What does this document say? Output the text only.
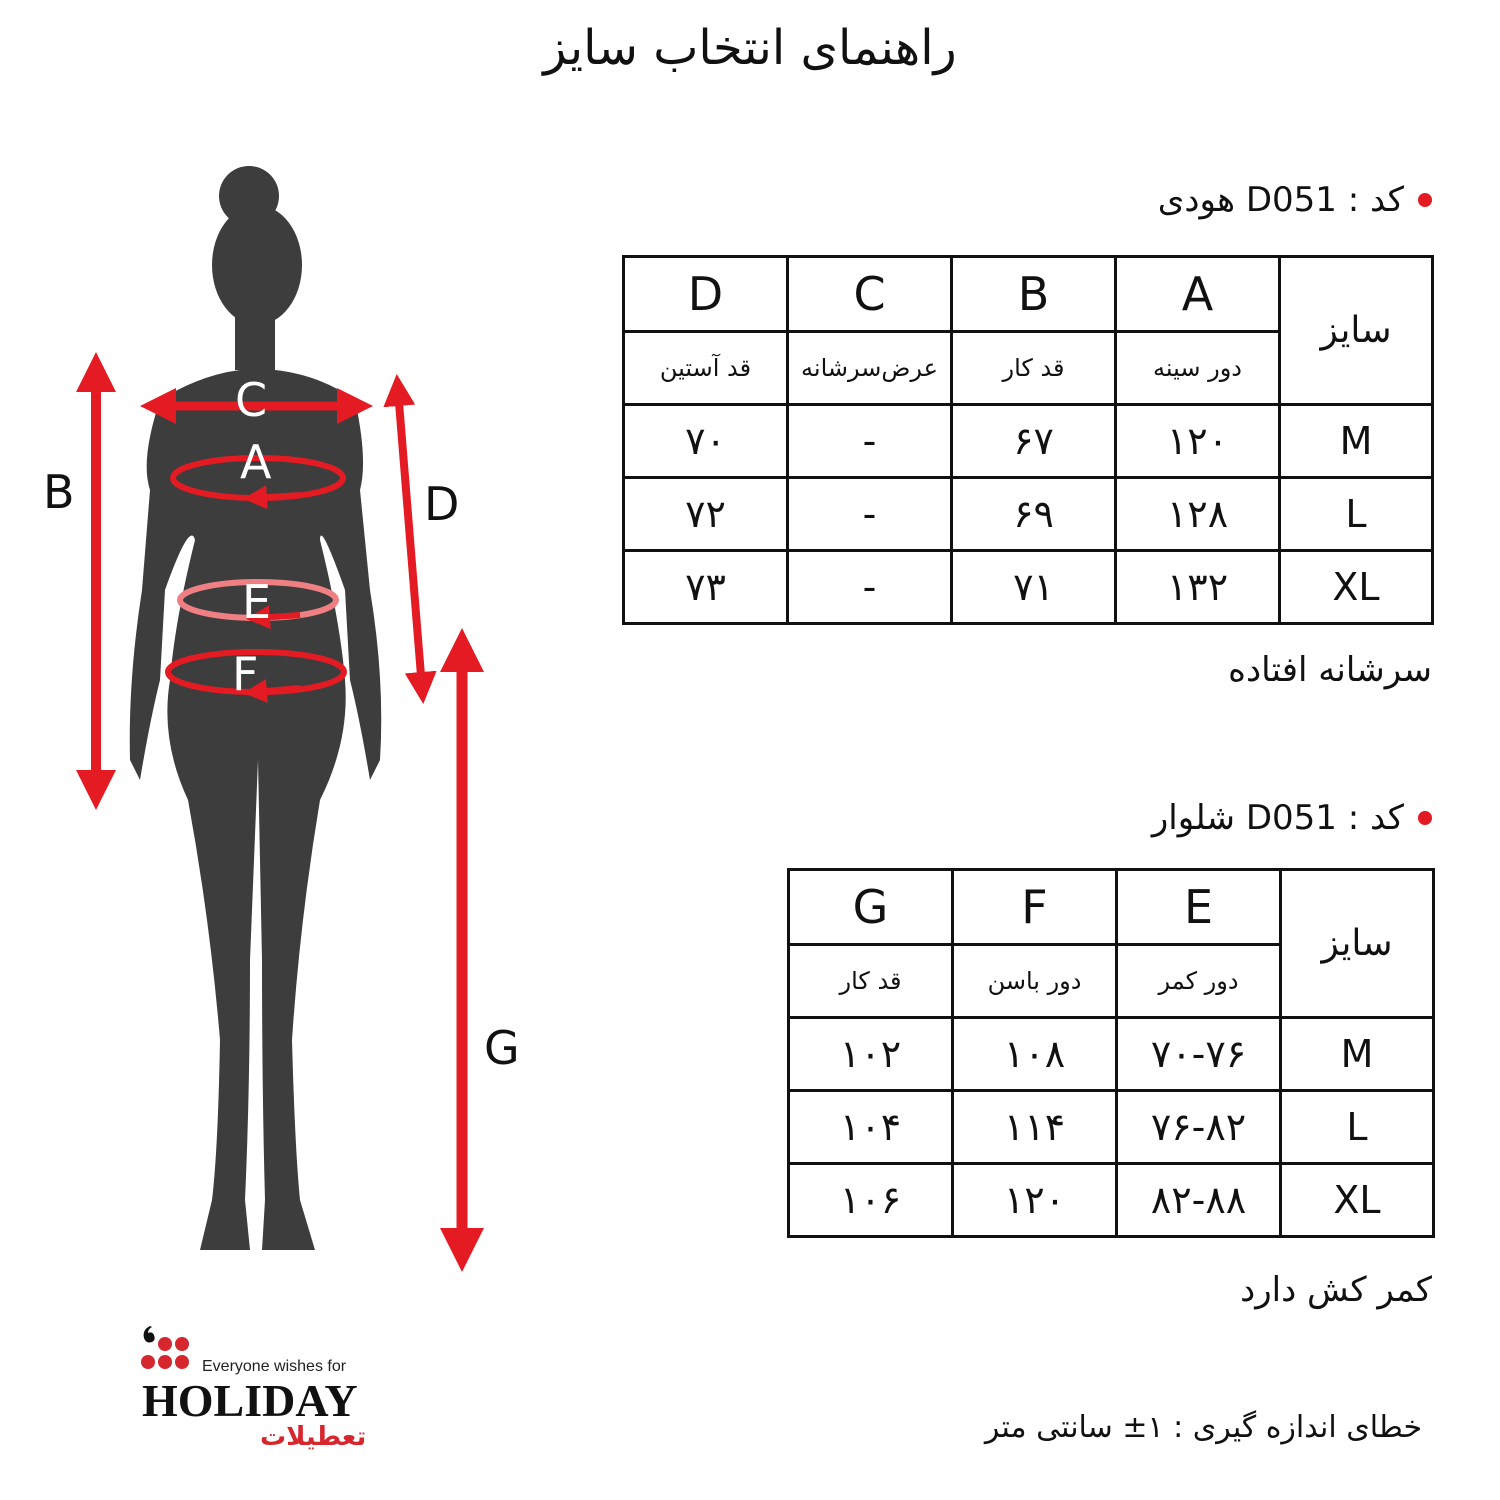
راهنمای انتخاب سایز
C
A
E
F
B	D
G
کد : D051 هودی
D	C	B	A	سایز
قد آستین	عرض‌سرشانه	قد کار	دور سینه	
۷۰	-	۶۷	۱۲۰	M
۷۲	-	۶۹	۱۲۸	L
۷۳	-	۷۱	۱۳۲	XL
سرشانه افتاده
کد : D051 شلوار
G	F	E	سایز
قد کار	دور باسن	دور کمر	
۱۰۲	۱۰۸	۷۰-۷۶	M
۱۰۴	۱۱۴	۷۶-۸۲	L
۱۰۶	۱۲۰	۸۲-۸۸	XL
کمر کش دارد
خطای اندازه گیری : ۱± سانتی متر
Everyone wishes for
HOLIDAY
تعطیلات
